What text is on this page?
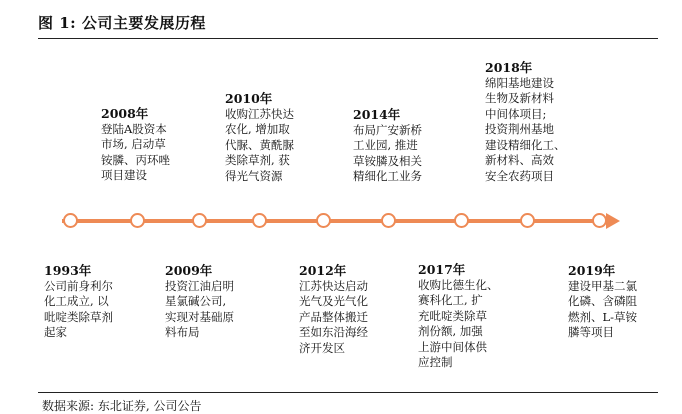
图 1: 公司主要发展历程
1993年
公司前身利尔
化工成立, 以
吡啶类除草剂
起家
2008年
登陆A股资本
市场, 启动草
铵膦、丙环唑
项目建设
2009年
投资江油启明
星氯碱公司,
实现对基础原
料布局
2010年
收购江苏快达
农化, 增加取
代脲、黄酰脲
类除草剂, 获
得光气资源
2012年
江苏快达启动
光气及光气化
产品整体搬迁
至如东沿海经
济开发区
2014年
布局广安新桥
工业园, 推进
草铵膦及相关
精细化工业务
2017年
收购比德生化、
赛科化工, 扩
充吡啶类除草
剂份额, 加强
上游中间体供
应控制
2018年
绵阳基地建设
生物及新材料
中间体项目;
投资荆州基地
建设精细化工、
新材料、高效
安全农药项目
2019年
建设甲基二氯
化磷、含磷阻
燃剂、L-草铵
膦等项目
数据来源: 东北证券, 公司公告
